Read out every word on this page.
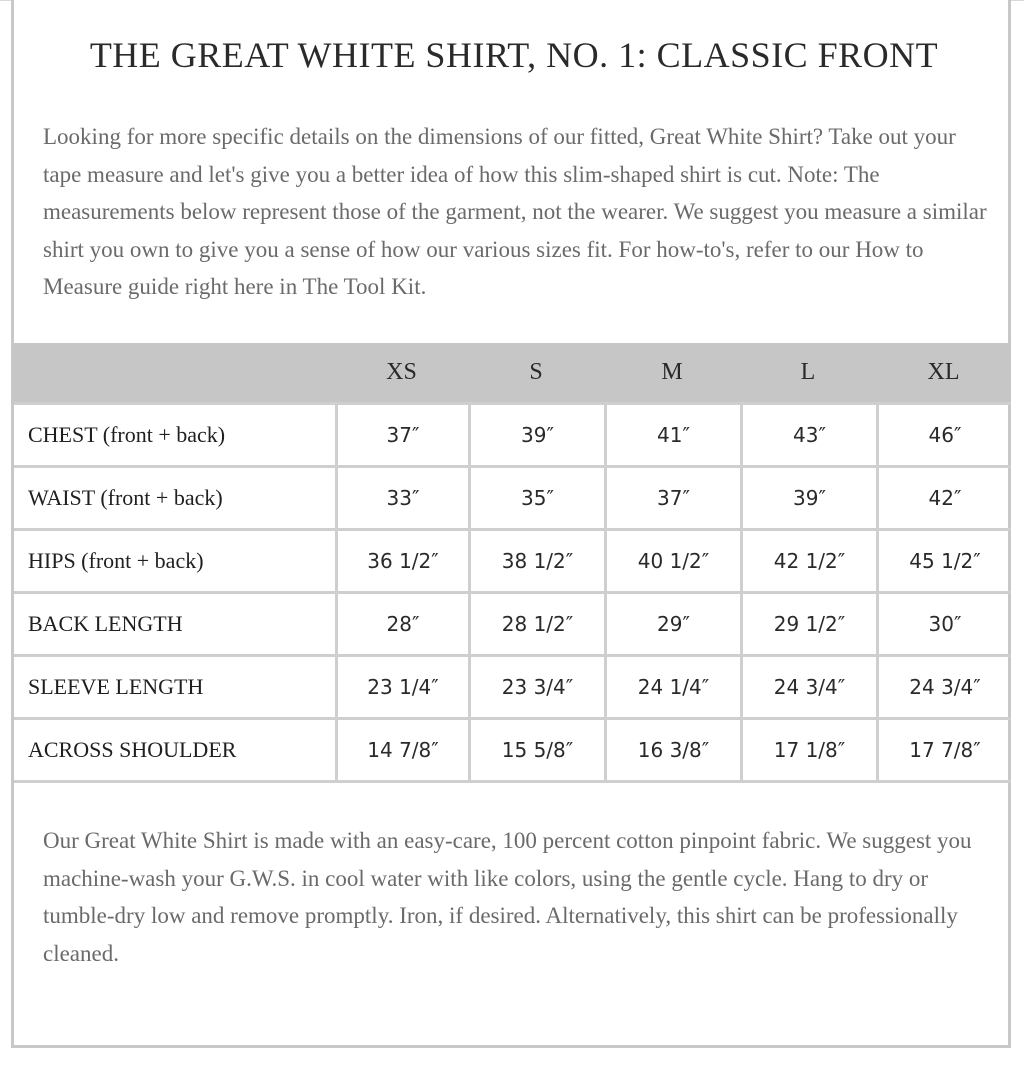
THE GREAT WHITE SHIRT, NO. 1: CLASSIC FRONT

Looking for more specific details on the dimensions of our fitted, Great White Shirt? Take out your tape measure and let's give you a better idea of how this slim-shaped shirt is cut. Note: The measurements below represent those of the garment, not the wearer. We suggest you measure a similar shirt you own to give you a sense of how our various sizes fit. For how-to's, refer to our How to Measure guide right here in The Tool Kit.

	XS	S	M	L	XL
CHEST (front + back)	37″	39″	41″	43″	46″
WAIST (front + back)	33″	35″	37″	39″	42″
HIPS (front + back)	36 1/2″	38 1/2″	40 1/2″	42 1/2″	45 1/2″
BACK LENGTH	28″	28 1/2″	29″	29 1/2″	30″
SLEEVE LENGTH	23 1/4″	23 3/4″	24 1/4″	24 3/4″	24 3/4″
ACROSS SHOULDER	14 7/8″	15 5/8″	16 3/8″	17 1/8″	17 7/8″

Our Great White Shirt is made with an easy-care, 100 percent cotton pinpoint fabric. We suggest you machine-wash your G.W.S. in cool water with like colors, using the gentle cycle. Hang to dry or tumble-dry low and remove promptly. Iron, if desired. Alternatively, this shirt can be professionally cleaned.
